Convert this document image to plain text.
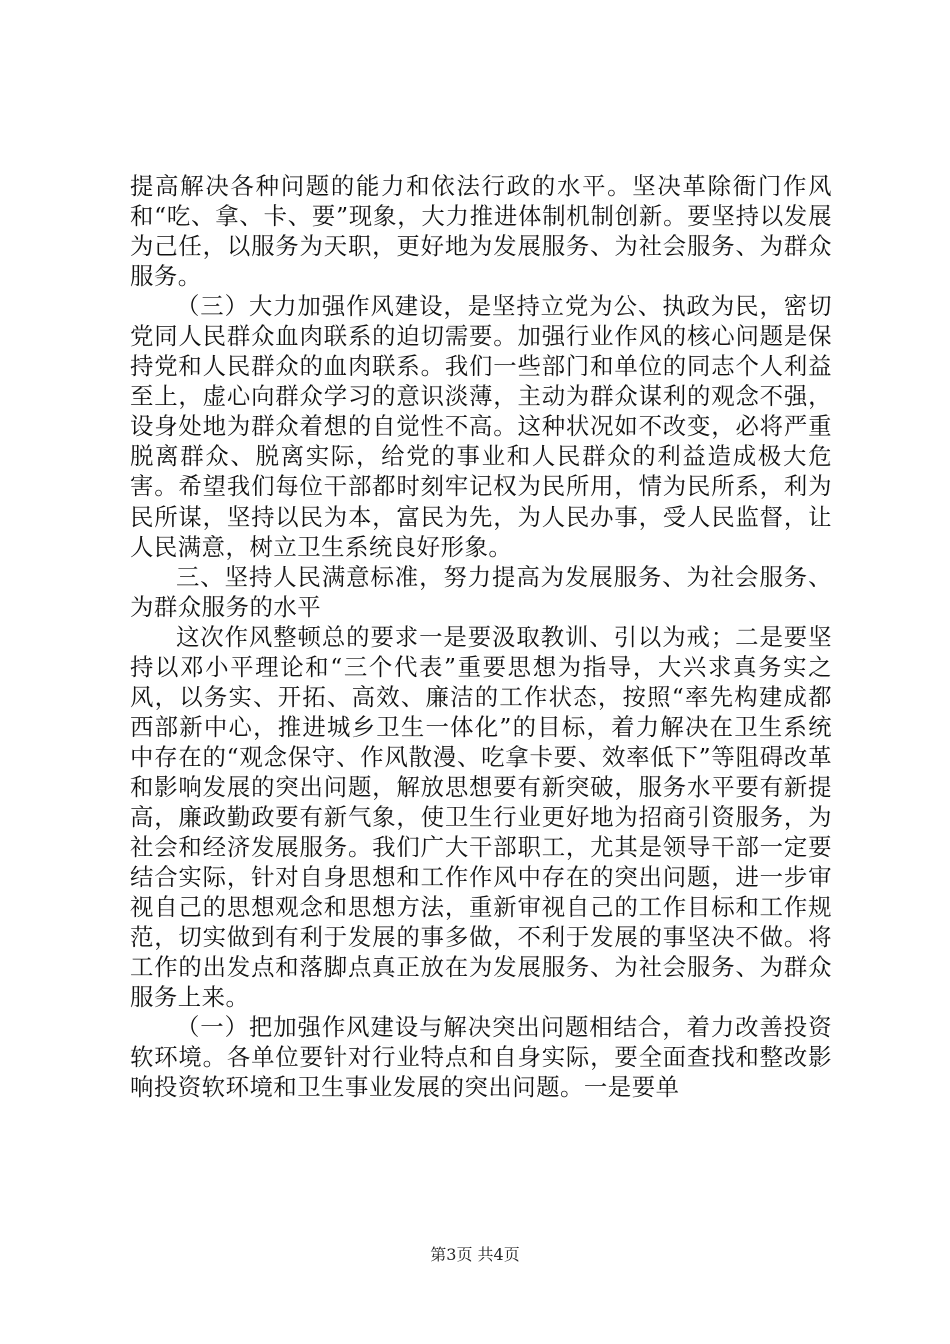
提高解决各种问题的能力和依法行政的水平。坚决革除衙门作风和“吃、拿、卡、要”现象，大力推进体制机制创新。要坚持以发展为己任，以服务为天职，更好地为发展服务、为社会服务、为群众服务。

（三）大力加强作风建设，是坚持立党为公、执政为民，密切党同人民群众血肉联系的迫切需要。加强行业作风的核心问题是保持党和人民群众的血肉联系。我们一些部门和单位的同志个人利益至上，虚心向群众学习的意识淡薄，主动为群众谋利的观念不强，设身处地为群众着想的自觉性不高。这种状况如不改变，必将严重脱离群众、脱离实际，给党的事业和人民群众的利益造成极大危害。希望我们每位干部都时刻牢记权为民所用，情为民所系，利为民所谋，坚持以民为本，富民为先，为人民办事，受人民监督，让人民满意，树立卫生系统良好形象。

三、坚持人民满意标准，努力提高为发展服务、为社会服务、为群众服务的水平

这次作风整顿总的要求一是要汲取教训、引以为戒；二是要坚持以邓小平理论和“三个代表”重要思想为指导，大兴求真务实之风，以务实、开拓、高效、廉洁的工作状态，按照“率先构建成都西部新中心，推进城乡卫生一体化”的目标，着力解决在卫生系统中存在的“观念保守、作风散漫、吃拿卡要、效率低下”等阻碍改革和影响发展的突出问题，解放思想要有新突破，服务水平要有新提高，廉政勤政要有新气象，使卫生行业更好地为招商引资服务，为社会和经济发展服务。我们广大干部职工，尤其是领导干部一定要结合实际，针对自身思想和工作作风中存在的突出问题，进一步审视自己的思想观念和思想方法，重新审视自己的工作目标和工作规范，切实做到有利于发展的事多做，不利于发展的事坚决不做。将工作的出发点和落脚点真正放在为发展服务、为社会服务、为群众服务上来。

（一）把加强作风建设与解决突出问题相结合，着力改善投资软环境。各单位要针对行业特点和自身实际，要全面查找和整改影响投资软环境和卫生事业发展的突出问题。一是要单

第3页 共4页
